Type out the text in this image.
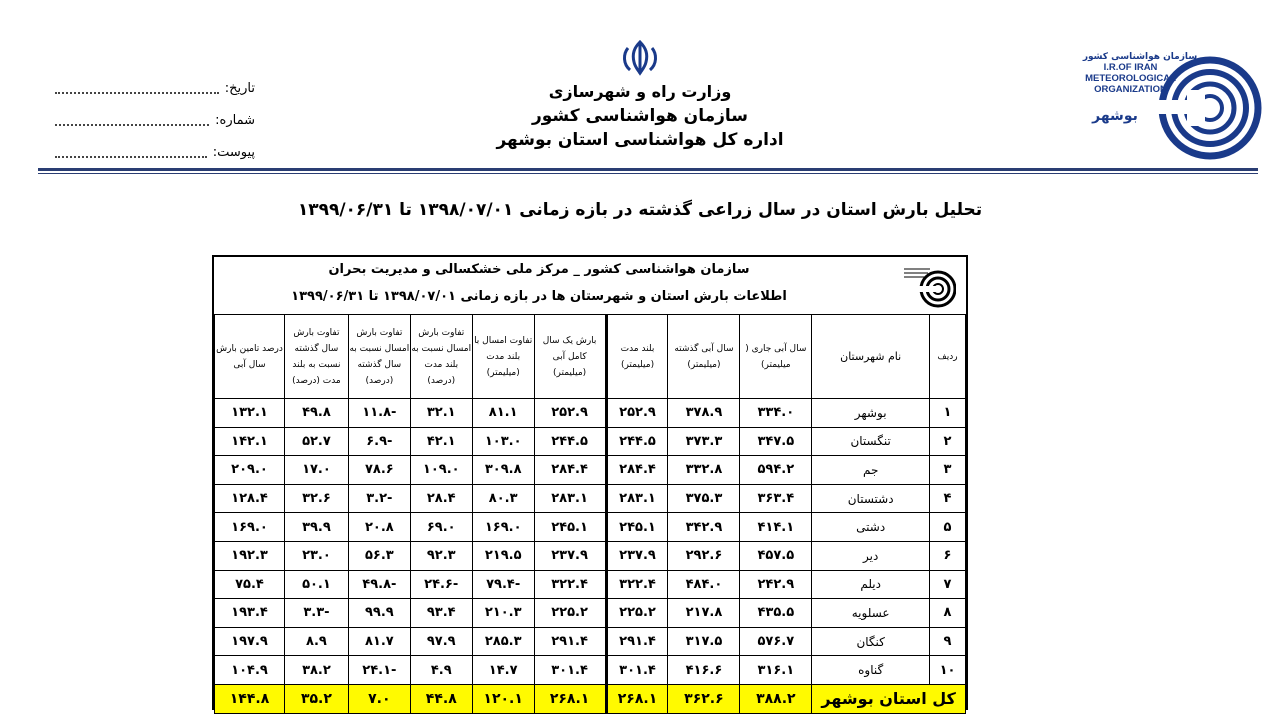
تاریخ:
شماره:
پیوست:
وزارت راه و شهرسازی
سازمان هواشناسی کشور
اداره کل هواشناسی استان بوشهر
سازمان هواشناسی کشور
I.R.OF IRAN
METEOROLOGICAL
ORGANIZATION
بوشهر
تحلیل بارش استان در سال زراعی گذشته در بازه زمانی ۱۳۹۸/۰۷/۰۱ تا ۱۳۹۹/۰۶/۳۱
سازمان هواشناسی کشور _ مرکز ملی خشکسالی و مدیریت بحران
اطلاعات بارش استان و شهرستان ها در بازه زمانی ۱۳۹۸/۰۷/۰۱ تا ۱۳۹۹/۰۶/۳۱
ردیف	نام شهرستان	سال آبی جاری ( میلیمتر)	سال آبی گذشته (میلیمتر)	بلند مدت (میلیمتر)	بارش یک سال کامل آبی (میلیمتر)	تفاوت امسال با بلند مدت (میلیمتر)	تفاوت بارش امسال نسبت به بلند مدت (درصد)	تفاوت بارش امسال نسبت به سال گذشته (درصد)	تفاوت بارش سال گذشته نسبت به بلند مدت (درصد)	درصد تامین بارش سال آبی
۱	بوشهر	۳۳۴.۰	۳۷۸.۹	۲۵۲.۹	۲۵۲.۹	۸۱.۱	۳۲.۱	-۱۱.۸	۴۹.۸	۱۳۲.۱
۲	تنگستان	۳۴۷.۵	۳۷۳.۳	۲۴۴.۵	۲۴۴.۵	۱۰۳.۰	۴۲.۱	-۶.۹	۵۲.۷	۱۴۲.۱
۳	جم	۵۹۴.۲	۳۳۲.۸	۲۸۴.۴	۲۸۴.۴	۳۰۹.۸	۱۰۹.۰	۷۸.۶	۱۷.۰	۲۰۹.۰
۴	دشتستان	۳۶۳.۴	۳۷۵.۳	۲۸۳.۱	۲۸۳.۱	۸۰.۳	۲۸.۴	-۳.۲	۳۲.۶	۱۲۸.۴
۵	دشتی	۴۱۴.۱	۳۴۲.۹	۲۴۵.۱	۲۴۵.۱	۱۶۹.۰	۶۹.۰	۲۰.۸	۳۹.۹	۱۶۹.۰
۶	دیر	۴۵۷.۵	۲۹۲.۶	۲۳۷.۹	۲۳۷.۹	۲۱۹.۵	۹۲.۳	۵۶.۳	۲۳.۰	۱۹۲.۳
۷	دیلم	۲۴۲.۹	۴۸۴.۰	۳۲۲.۴	۳۲۲.۴	-۷۹.۴	-۲۴.۶	-۴۹.۸	۵۰.۱	۷۵.۴
۸	عسلویه	۴۳۵.۵	۲۱۷.۸	۲۲۵.۲	۲۲۵.۲	۲۱۰.۳	۹۳.۴	۹۹.۹	-۳.۳	۱۹۳.۴
۹	کنگان	۵۷۶.۷	۳۱۷.۵	۲۹۱.۴	۲۹۱.۴	۲۸۵.۳	۹۷.۹	۸۱.۷	۸.۹	۱۹۷.۹
۱۰	گناوه	۳۱۶.۱	۴۱۶.۶	۳۰۱.۴	۳۰۱.۴	۱۴.۷	۴.۹	-۲۴.۱	۳۸.۲	۱۰۴.۹
کل استان بوشهر		۳۸۸.۲	۳۶۲.۶	۲۶۸.۱	۲۶۸.۱	۱۲۰.۱	۴۴.۸	۷.۰	۳۵.۲	۱۴۴.۸
